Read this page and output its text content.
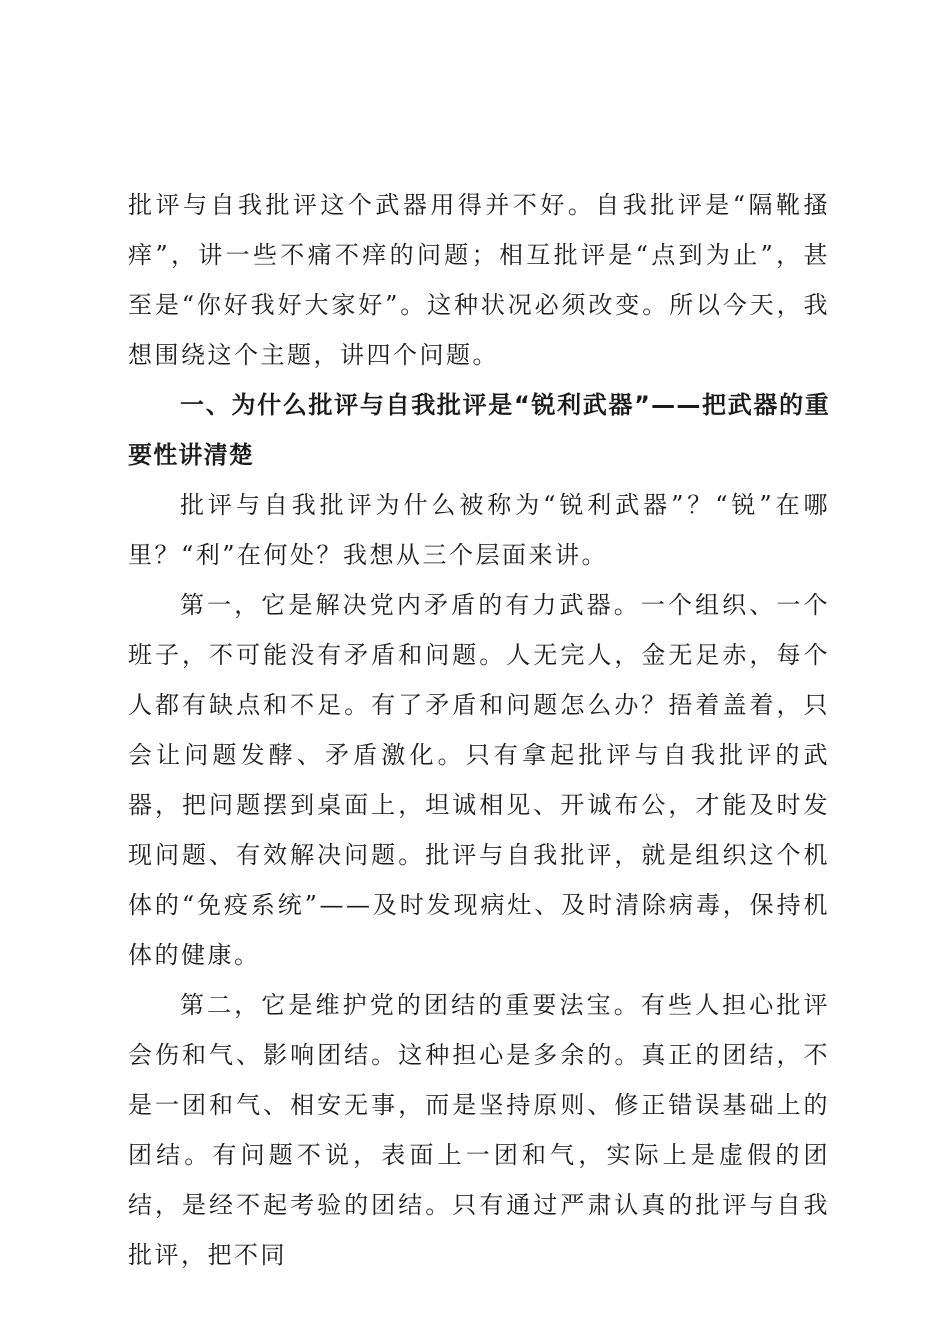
批评与自我批评这个武器用得并不好。自我批评是“隔靴搔痒”，讲一些不痛不痒的问题；相互批评是“点到为止”，甚至是“你好我好大家好”。这种状况必须改变。所以今天，我想围绕这个主题，讲四个问题。

一、为什么批评与自我批评是“锐利武器”——把武器的重要性讲清楚

批评与自我批评为什么被称为“锐利武器”？“锐”在哪里？“利”在何处？我想从三个层面来讲。

第一，它是解决党内矛盾的有力武器。一个组织、一个班子，不可能没有矛盾和问题。人无完人，金无足赤，每个人都有缺点和不足。有了矛盾和问题怎么办？捂着盖着，只会让问题发酵、矛盾激化。只有拿起批评与自我批评的武器，把问题摆到桌面上，坦诚相见、开诚布公，才能及时发现问题、有效解决问题。批评与自我批评，就是组织这个机体的“免疫系统”——及时发现病灶、及时清除病毒，保持机体的健康。

第二，它是维护党的团结的重要法宝。有些人担心批评会伤和气、影响团结。这种担心是多余的。真正的团结，不是一团和气、相安无事，而是坚持原则、修正错误基础上的团结。有问题不说，表面上一团和气，实际上是虚假的团结，是经不起考验的团结。只有通过严肃认真的批评与自我批评，把不同
